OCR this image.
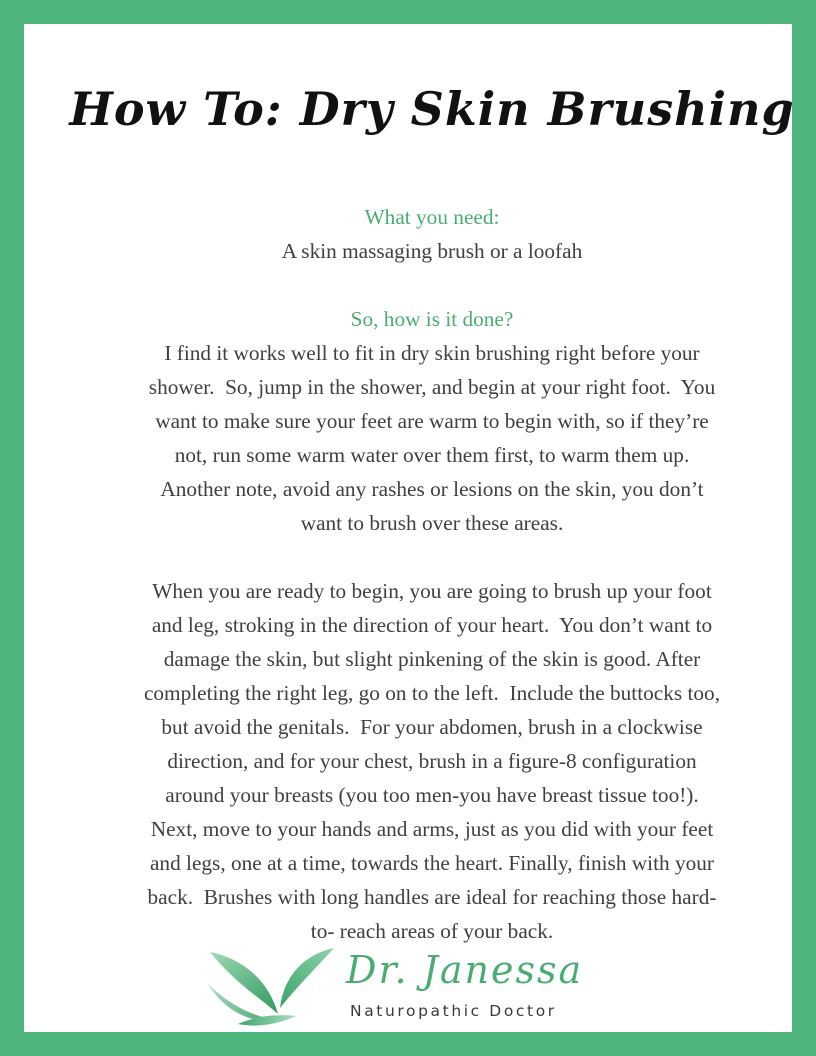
How To: Dry Skin Brushing

What you need:

A skin massaging brush or a loofah

So, how is it done?

I find it works well to fit in dry skin brushing right before your

shower.  So, jump in the shower, and begin at your right foot.  You

want to make sure your feet are warm to begin with, so if they’re

not, run some warm water over them first, to warm them up.

Another note, avoid any rashes or lesions on the skin, you don’t

want to brush over these areas.

When you are ready to begin, you are going to brush up your foot

and leg, stroking in the direction of your heart.  You don’t want to

damage the skin, but slight pinkening of the skin is good. After

completing the right leg, go on to the left.  Include the buttocks too,

but avoid the genitals.  For your abdomen, brush in a clockwise

direction, and for your chest, brush in a figure-8 configuration

around your breasts (you too men-you have breast tissue too!).

Next, move to your hands and arms, just as you did with your feet

and legs, one at a time, towards the heart. Finally, finish with your

back.  Brushes with long handles are ideal for reaching those hard-

to- reach areas of your back.

Dr. Janessa
Naturopathic Doctor
